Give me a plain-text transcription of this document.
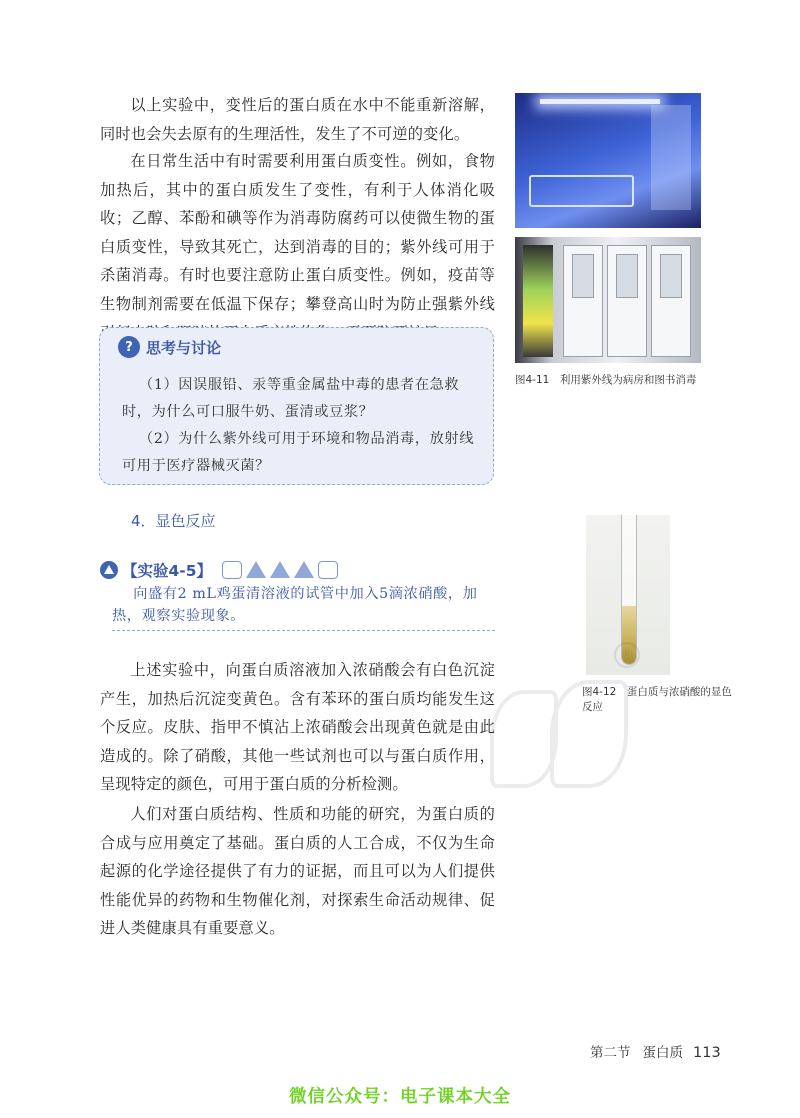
以上实验中，变性后的蛋白质在水中不能重新溶解，同时也会失去原有的生理活性，发生了不可逆的变化。

在日常生活中有时需要利用蛋白质变性。例如，食物加热后，其中的蛋白质发生了变性，有利于人体消化吸收；乙醇、苯酚和碘等作为消毒防腐药可以使微生物的蛋白质变性，导致其死亡，达到消毒的目的；紫外线可用于杀菌消毒。有时也要注意防止蛋白质变性。例如，疫苗等生物制剂需要在低温下保存；攀登高山时为防止强紫外线

? 思考与讨论

（1）因误服铅、汞等重金属盐中毒的患者在急救时，为什么可口服牛奶、蛋清或豆浆？

（2）为什么紫外线可用于环境和物品消毒，放射线可用于医疗器械灭菌？

4．显色反应
【实验4-5】

向盛有2 mL鸡蛋清溶液的试管中加入5滴浓硝酸，加热，观察实验现象。

上述实验中，向蛋白质溶液加入浓硝酸会有白色沉淀产生，加热后沉淀变黄色。含有苯环的蛋白质均能发生这个反应。皮肤、指甲不慎沾上浓硝酸会出现黄色就是由此造成的。除了硝酸，其他一些试剂也可以与蛋白质作用，呈现特定的颜色，可用于蛋白质的分析检测。

人们对蛋白质结构、性质和功能的研究，为蛋白质的合成与应用奠定了基础。蛋白质的人工合成，不仅为生命起源的化学途径提供了有力的证据，而且可以为人们提供性能优异的药物和生物催化剂，对探索生命活动规律、促进人类健康具有重要意义。

图4-11　利用紫外线为病房和图书消毒
图4-12　蛋白质与浓硝酸的显色反应
®
第二节 蛋白质 113
微信公众号：电子课本大全
